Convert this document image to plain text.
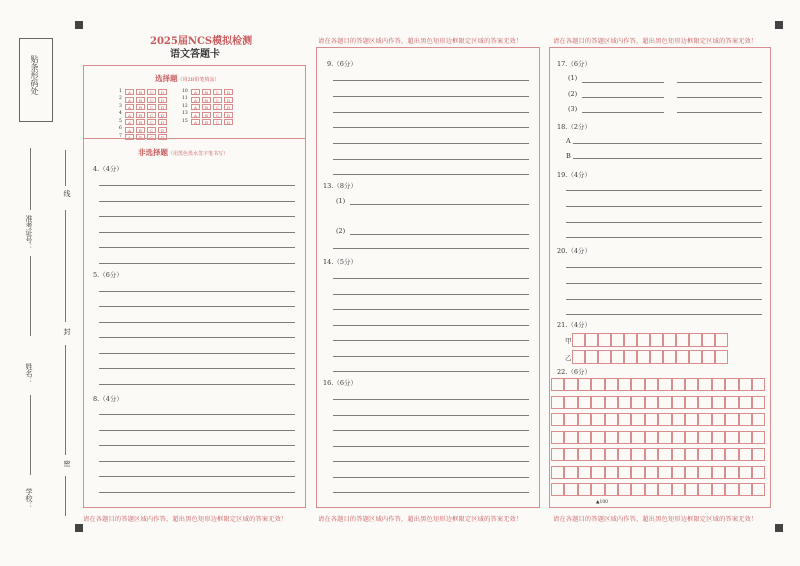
贴条形码处
准考证号：
姓名：
学校：
线
封
密
2025届NCS模拟检测
语文答题卡
选择题（用2B铅笔填涂）
1	A	B	C	D
2	A	B	C	D
3	A	B	C	D
4	A	B	C	D
5	A	B	C	D
6	A	B	C	D
7	A	B	C	D
10	A	B	C	D
11	A	B	C	D
12	A	B	C	D
13	A	B	C	D
15	A	B	C	D
非选择题（用黑色墨水签字笔书写）
4.（4分）
5.（6分）
8.（4分）
请在各题目的答题区域内作答，超出黑色矩形边框限定区域的答案无效！
请在各题目的答题区域内作答，超出黑色矩形边框限定区域的答案无效！
9.（6分）
13.（8分）
(1)
(2)
14.（5分）
16.（6分）
请在各题目的答题区域内作答，超出黑色矩形边框限定区域的答案无效！
请在各题目的答题区域内作答，超出黑色矩形边框限定区域的答案无效！
17.（6分）
(1)
(2)
(3)
18.（2分）
A
B
19.（4分）
20.（4分）
21.（4分）
甲
乙
22.（6分）
▲100
请在各题目的答题区域内作答，超出黑色矩形边框限定区域的答案无效！
